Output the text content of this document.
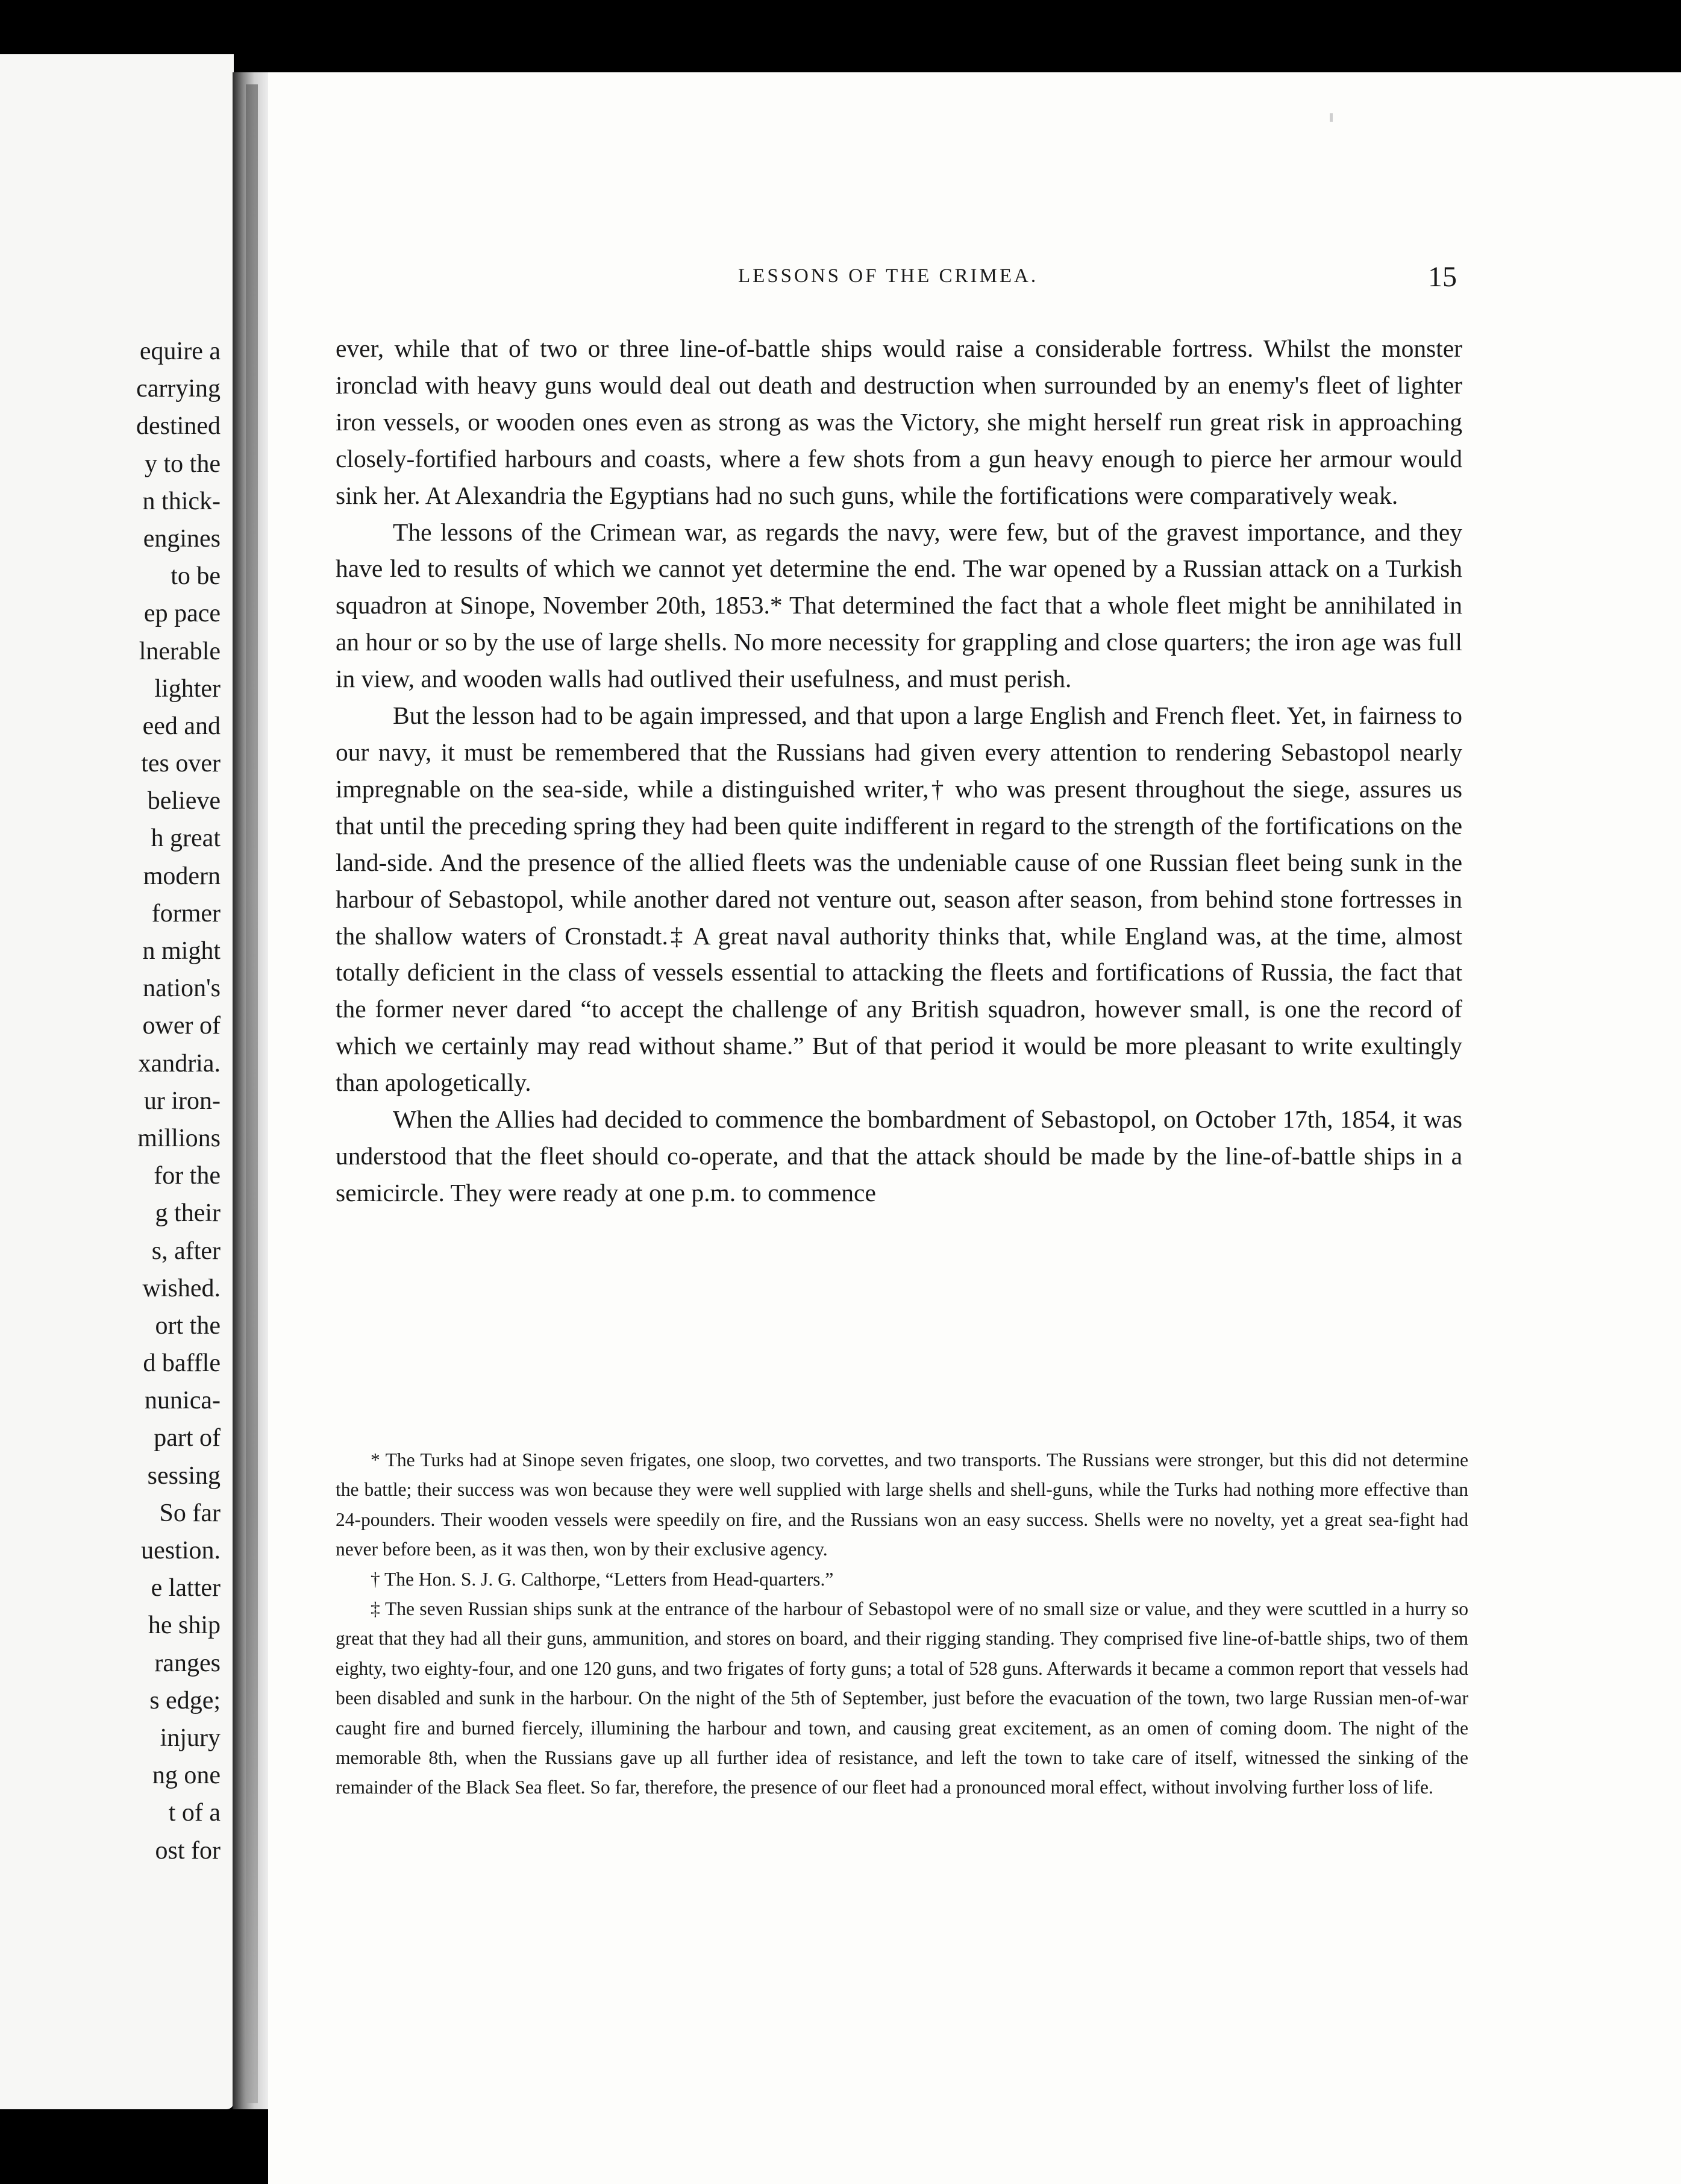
equire a
carrying
destined
y to the
n thick-
engines
to be
ep pace
lnerable
lighter
eed and
tes over
believe
h great
modern
former
n might
nation's
ower of
xandria.
ur iron-
millions
for the
g their
s, after
wished.
ort the
d baffle
nunica-
part of
sessing
So far
uestion.
e latter
he ship
ranges
s edge;
injury
ng one
t of a
ost for
LESSONS OF THE CRIMEA.	15

ever, while that of two or three line-of-battle ships would raise a considerable fortress. Whilst the monster ironclad with heavy guns would deal out death and destruction when surrounded by an enemy's fleet of lighter iron vessels, or wooden ones even as strong as was the Victory, she might herself run great risk in approaching closely-fortified harbours and coasts, where a few shots from a gun heavy enough to pierce her armour would sink her. At Alexandria the Egyptians had no such guns, while the fortifications were comparatively weak.

The lessons of the Crimean war, as regards the navy, were few, but of the gravest importance, and they have led to results of which we cannot yet determine the end. The war opened by a Russian attack on a Turkish squadron at Sinope, November 20th, 1853.* That determined the fact that a whole fleet might be annihilated in an hour or so by the use of large shells. No more necessity for grappling and close quarters; the iron age was full in view, and wooden walls had outlived their usefulness, and must perish.

But the lesson had to be again impressed, and that upon a large English and French fleet. Yet, in fairness to our navy, it must be remembered that the Russians had given every attention to rendering Sebastopol nearly impregnable on the sea-side, while a distinguished writer,† who was present throughout the siege, assures us that until the preceding spring they had been quite indifferent in regard to the strength of the fortifications on the land-side. And the presence of the allied fleets was the undeniable cause of one Russian fleet being sunk in the harbour of Sebastopol, while another dared not venture out, season after season, from behind stone fortresses in the shallow waters of Cronstadt.‡ A great naval authority thinks that, while England was, at the time, almost totally deficient in the class of vessels essential to attacking the fleets and fortifications of Russia, the fact that the former never dared “to accept the challenge of any British squadron, however small, is one the record of which we certainly may read without shame.” But of that period it would be more pleasant to write exultingly than apologetically.

When the Allies had decided to commence the bombardment of Sebastopol, on October 17th, 1854, it was understood that the fleet should co-operate, and that the attack should be made by the line-of-battle ships in a semicircle. They were ready at one p.m. to commence

* The Turks had at Sinope seven frigates, one sloop, two corvettes, and two transports. The Russians were stronger, but this did not determine the battle; their success was won because they were well supplied with large shells and shell-guns, while the Turks had nothing more effective than 24-pounders. Their wooden vessels were speedily on fire, and the Russians won an easy success. Shells were no novelty, yet a great sea-fight had never before been, as it was then, won by their exclusive agency.

† The Hon. S. J. G. Calthorpe, “Letters from Head-quarters.”

‡ The seven Russian ships sunk at the entrance of the harbour of Sebastopol were of no small size or value, and they were scuttled in a hurry so great that they had all their guns, ammunition, and stores on board, and their rigging standing. They comprised five line-of-battle ships, two of them eighty, two eighty-four, and one 120 guns, and two frigates of forty guns; a total of 528 guns. Afterwards it became a common report that vessels had been disabled and sunk in the harbour. On the night of the 5th of September, just before the evacuation of the town, two large Russian men-of-war caught fire and burned fiercely, illumining the harbour and town, and causing great excitement, as an omen of coming doom. The night of the memorable 8th, when the Russians gave up all further idea of resistance, and left the town to take care of itself, witnessed the sinking of the remainder of the Black Sea fleet. So far, therefore, the presence of our fleet had a pronounced moral effect, without involving further loss of life.
